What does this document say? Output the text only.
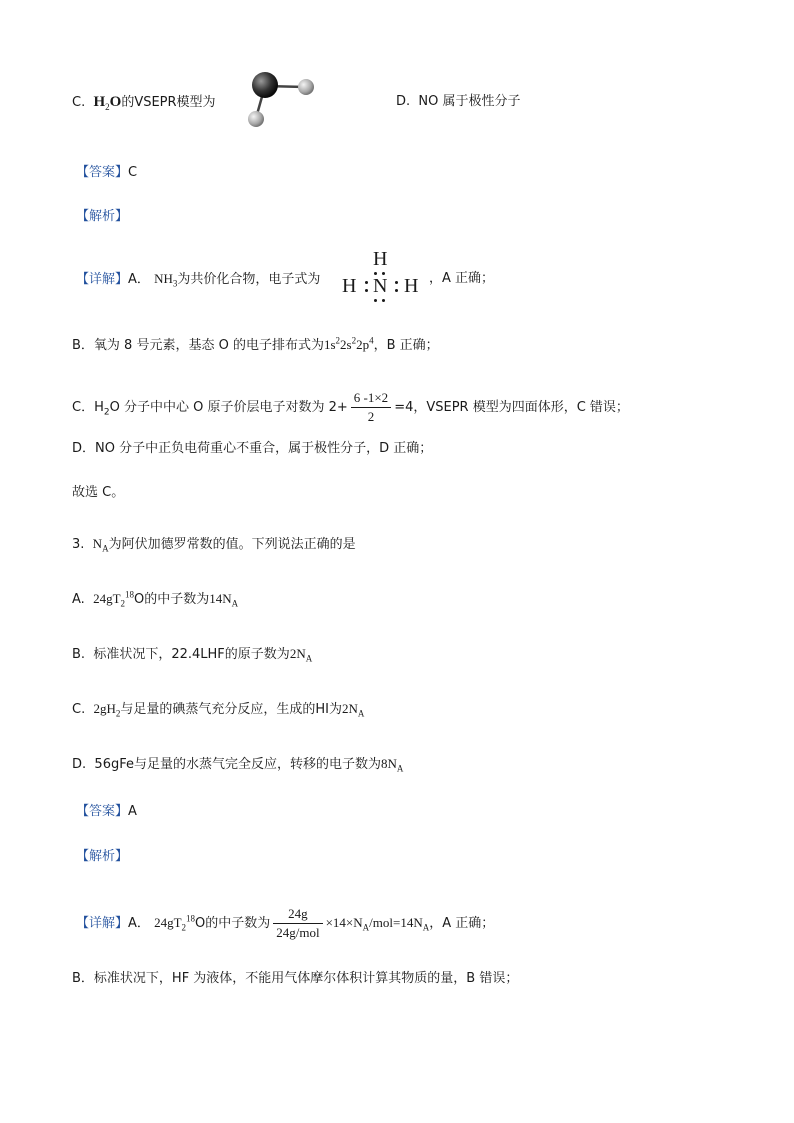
C. $H_2O$的VSEPR模型为	D. NO 属于极性分子
【答案】C
【解析】
【详解】A． $NH_3$为共价化合物，电子式为
H
H N H ，A 正确；
B．氧为 8 号元素，基态 O 的电子排布式为$1s^22s^22p^4$，B 正确；
C．$H_2O$ 分子中中心 O 原子价层电子对数为 $2+ \frac{6 -1\times 2}{2} =4$，VSEPR 模型为四面体形，C 错误；
D．NO 分子中正负电荷重心不重合，属于极性分子，D 正确；
故选 C。
3. $N_A$为阿伏加德罗常数的值。下列说法正确的是
A. $24gT_2^{18}O$的中子数为$14N_A$
B. 标准状况下，22.4LHF的原子数为$2N_A$
C. $2gH_2$与足量的碘蒸气充分反应，生成的HI为$2N_A$
D. 56gFe与足量的水蒸气完全反应，转移的电子数为$8N_A$
【答案】A
【解析】
【详解】A． $24gT_2^{18}O$的中子数为 $\frac{24g}{\text{24g/mol}} \times 14\times N_A/mol=14N_A$，A 正确；
B．标准状况下，HF 为液体，不能用气体摩尔体积计算其物质的量，B 错误；
